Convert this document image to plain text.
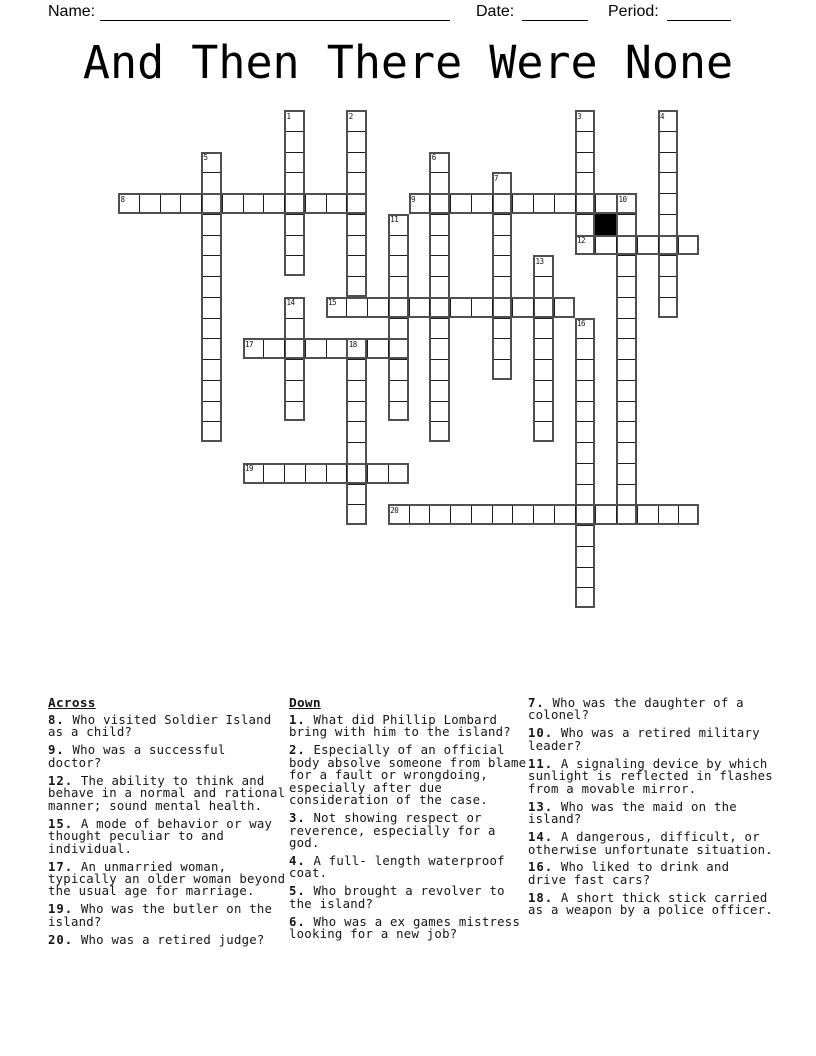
Name:	Date:	Period:
And Then There Were None
1	2	3	4
5	6
7
8	9	10
11
12
13
14	15
16
17	18
19
20
Across

8. Who visited Soldier Island as a child?

9. Who was a successful doctor?

12. The ability to think and behave in a normal and rational manner; sound mental health.

15. A mode of behavior or way thought peculiar to and individual.

17. An unmarried woman, typically an older woman beyond the usual age for marriage.

19. Who was the butler on the island?

20. Who was a retired judge?

Down

1. What did Phillip Lombard bring with him to the island?

2. Especially of an official body absolve someone from blame for a fault or wrongdoing, especially after due consideration of the case.

3. Not showing respect or reverence, especially for a god.

4. A full- length waterproof coat.

5. Who brought a revolver to the island?

6. Who was a ex games mistress looking for a new job?

7. Who was the daughter of a colonel?

10. Who was a retired military leader?

11. A signaling device by which sunlight is reflected in flashes from a movable mirror.

13. Who was the maid on the island?

14. A dangerous, difficult, or otherwise unfortunate situation.

16. Who liked to drink and drive fast cars?

18. A short thick stick carried as a weapon by a police officer.
